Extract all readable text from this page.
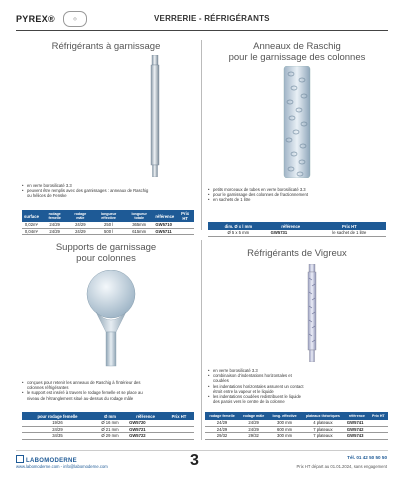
PYREX®	◎	VERRERIE - RÉFRIGÉRANTS
Réfrigérants à garnissage
• en verre borosilicaté 3.3
• peuvent être remplis avec des garnissages : anneaux de Raschig ou hélices de Fenske
surface	rodage femelle	rodage mâle	longueur effective	longueur totale	référence	Prix HT
0,02m²	24/29	24/29	250 l	365mm	GW5710	
0,04m²	24/29	24/29	500 l	615mm	GW5711	
Anneaux de Raschig
pour le garnissage des colonnes
• petits morceaux de tubes en verre borosilicaté 3.3
• pour le garnissage des colonnes de fractionnement
• en sachets de 1 litre
dim. Ø x l mm	référence	Prix HT
Ø 5 x 5 mm	GW5731	le sachet de 1 litre
Supports de garnissage
pour colonnes
• conçues pour retenir les anneaux de Raschig à l'intérieur des colonnes réfrigérantes
• le support est inséré à travers le rodage femelle et se place au niveau de l'étranglement situé au-dessus du rodage mâle
pour rodage femelle	Ø mm	référence	Prix HT
19/26	Ø 16 mm	GW5720	
24/29	Ø 21 mm	GW5721	
34/35	Ø 29 mm	GW5722	
Réfrigérants de Vigreux
• en verre borosilicaté 3.3
• combinaison d'indentations horizontales et coudées
• les indentations horizontales assurent un contact étroit entre la vapeur et le liquide
• les indentations coudées redistribuent le liquide des parois vers le centre de la colonne
rodage femelle	rodage mâle	long. effective	plateaux théoriques	référence	Prix HT
24/29	24/29	300 mm	4 plateaux	GW5741	
24/29	24/29	600 mm	7 plateaux	GW5742	
29/32	29/32	300 mm	7 plateaux	GW5743	
LABOMODERNE
www.labomoderne.com - info@labomoderne.com	3	Tél. 01 42 50 50 50
Prix HT départ au 01.01.2024, sans engagement
